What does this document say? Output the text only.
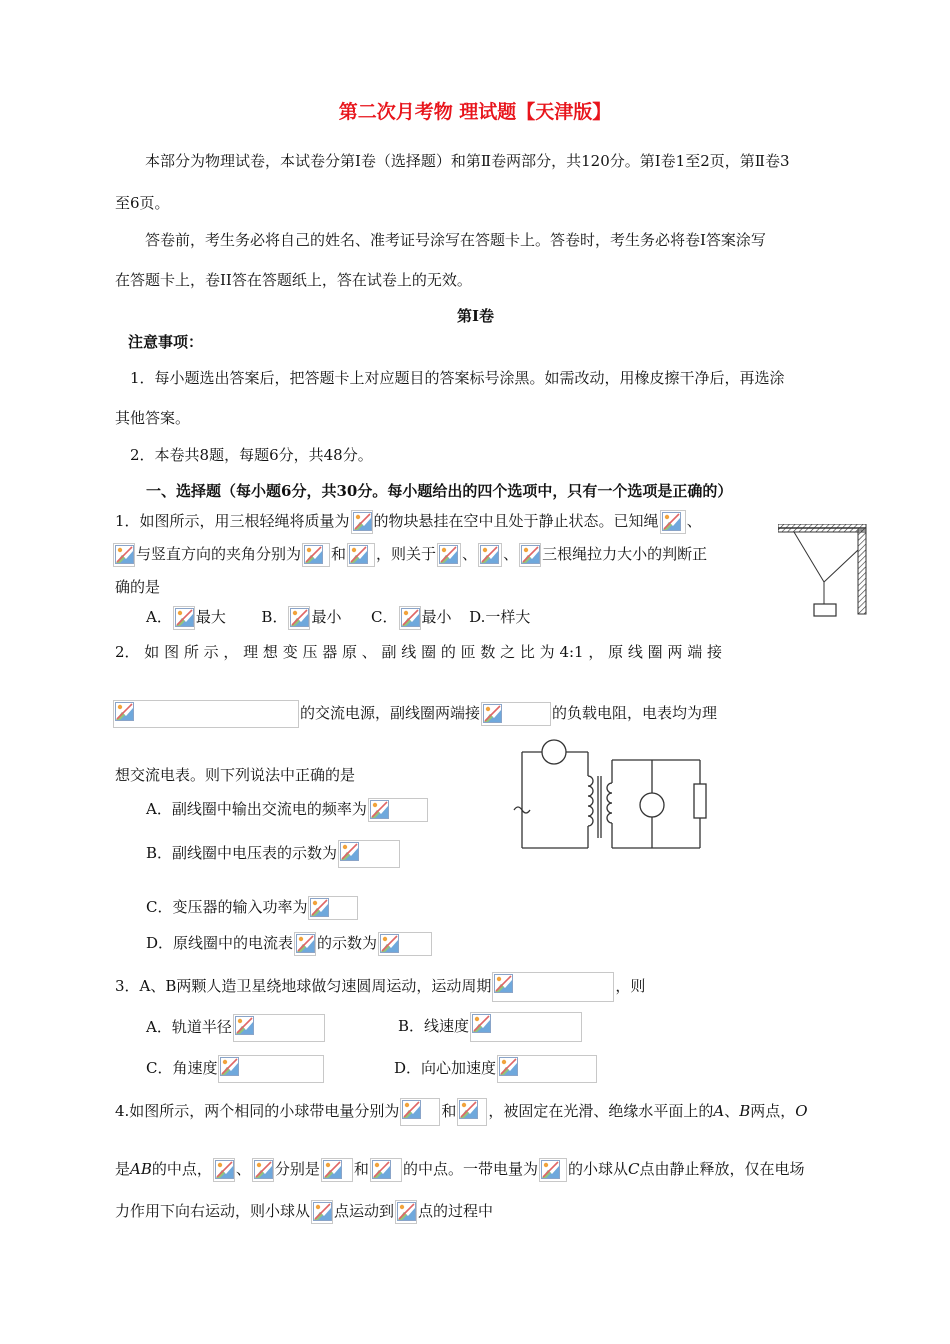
第二次月考物 理试题【天津版】
本部分为物理试卷，本试卷分第Ⅰ卷（选择题）和第Ⅱ卷两部分，共120分。第Ⅰ卷1至2页，第Ⅱ卷3
至6页。
答卷前，考生务必将自己的姓名、准考证号涂写在答题卡上。答卷时，考生务必将卷Ⅰ答案涂写
在答题卡上，卷II答在答题纸上，答在试卷上的无效。
第Ⅰ卷
注意事项：
1．每小题选出答案后，把答题卡上对应题目的答案标号涂黑。如需改动，用橡皮擦干净后，再选涂
其他答案。
2．本卷共8题，每题6分，共48分。
一、选择题（每小题6分，共30分。每小题给出的四个选项中，只有一个选项是正确的）
1．如图所示，用三根轻绳将质量为 的物块悬挂在空中且处于静止状态。已知绳 、
与竖直方向的夹角分别为 和 ，则关于 、 、 三根绳拉力大小的判断正
确的是
A． 最大 B． 最小 C． 最小 D.一样大
2． 如 图 所 示 ， 理 想 变 压 器 原 、 副 线 圈 的 匝 数 之 比 为 4:1 ， 原 线 圈 两 端 接
的交流电源，副线圈两端接	的负载电阻，电表均为理
想交流电表。则下列说法中正确的是
A．副线圈中输出交流电的频率为
B．副线圈中电压表的示数为
C．变压器的输入功率为
D．原线圈中的电流表 的示数为
3．A、B两颗人造卫星绕地球做匀速圆周运动，运动周期	，则
A．轨道半径	B．线速度
C．角速度	D．向心加速度
4.如图所示，两个相同的小球带电量分别为	和 ，被固定在光滑、绝缘水平面上的A、B两点，O
是AB的中点， 、 分别是 和 的中点。一带电量为 的小球从C点由静止释放，仅在电场
力作用下向右运动，则小球从 点运动到 点的过程中
